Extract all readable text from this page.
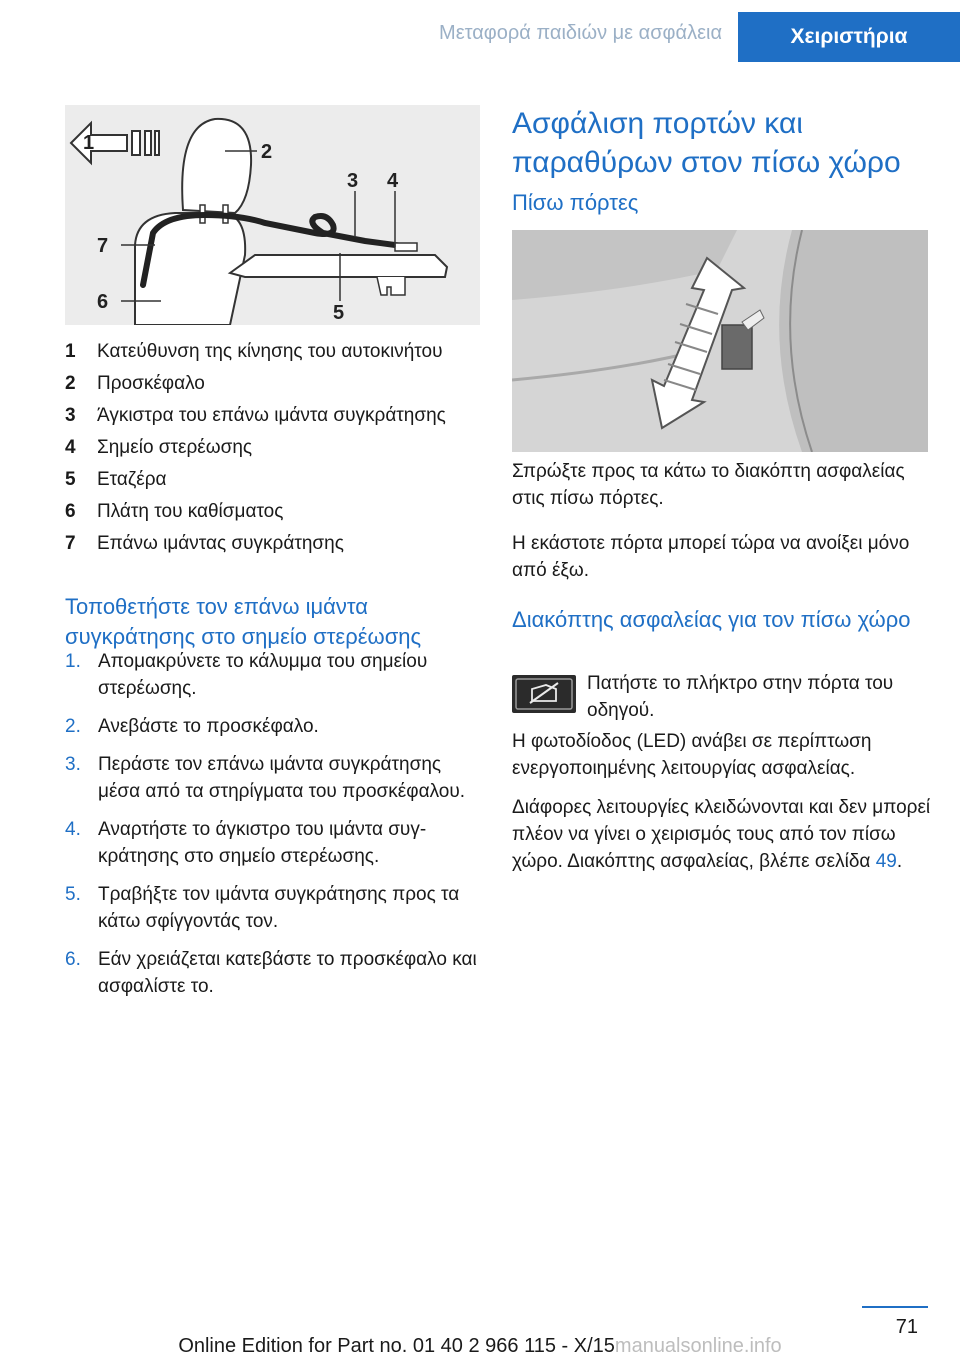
Μεταφορά παιδιών με ασφάλεια	Χειριστήρια
1	2
3 4
5
6
7
1	Κατεύθυνση της κίνησης του αυτοκινήτου
2	Προσκέφαλο
3	Άγκιστρα του επάνω ιμάντα συγκράτησης
4	Σημείο στερέωσης
5	Εταζέρα
6	Πλάτη του καθίσματος
7	Επάνω ιμάντας συγκράτησης
Τοποθετήστε τον επάνω ιμάντα συγκράτησης στο σημείο στερέωσης
1. Απομακρύνετε το κάλυμμα του σημείου στερέωσης.
2. Ανεβάστε το προσκέφαλο.
3. Περάστε τον επάνω ιμάντα συγκράτησης μέσα από τα στηρίγματα του προσκέφαλου.
4. Αναρτήστε το άγκιστρο του ιμάντα συγκράτησης στο σημείο στερέωσης.
5. Τραβήξτε τον ιμάντα συγκράτησης προς τα κάτω σφίγγοντάς τον.
6. Εάν χρειάζεται κατεβάστε το προσκέφαλο και ασφαλίστε το.
Ασφάλιση πορτών και παραθύρων στον πίσω χώρο
Πίσω πόρτες
Σπρώξτε προς τα κάτω το διακόπτη ασφαλείας στις πίσω πόρτες.
Η εκάστοτε πόρτα μπορεί τώρα να ανοίξει μόνο από έξω.
Διακόπτης ασφαλείας για τον πίσω χώρο
Πατήστε το πλήκτρο στην πόρτα του οδηγού.
Η φωτοδίοδος (LED) ανάβει σε περίπτωση ενεργοποιημένης λειτουργίας ασφαλείας.
Διάφορες λειτουργίες κλειδώνονται και δεν μπορεί πλέον να γίνει ο χειρισμός τους από τον πίσω χώρο. Διακόπτης ασφαλείας, βλέπε σελίδα 49.
71
Online Edition for Part no. 01 40 2 966 115 - X/15manualsonline.info
